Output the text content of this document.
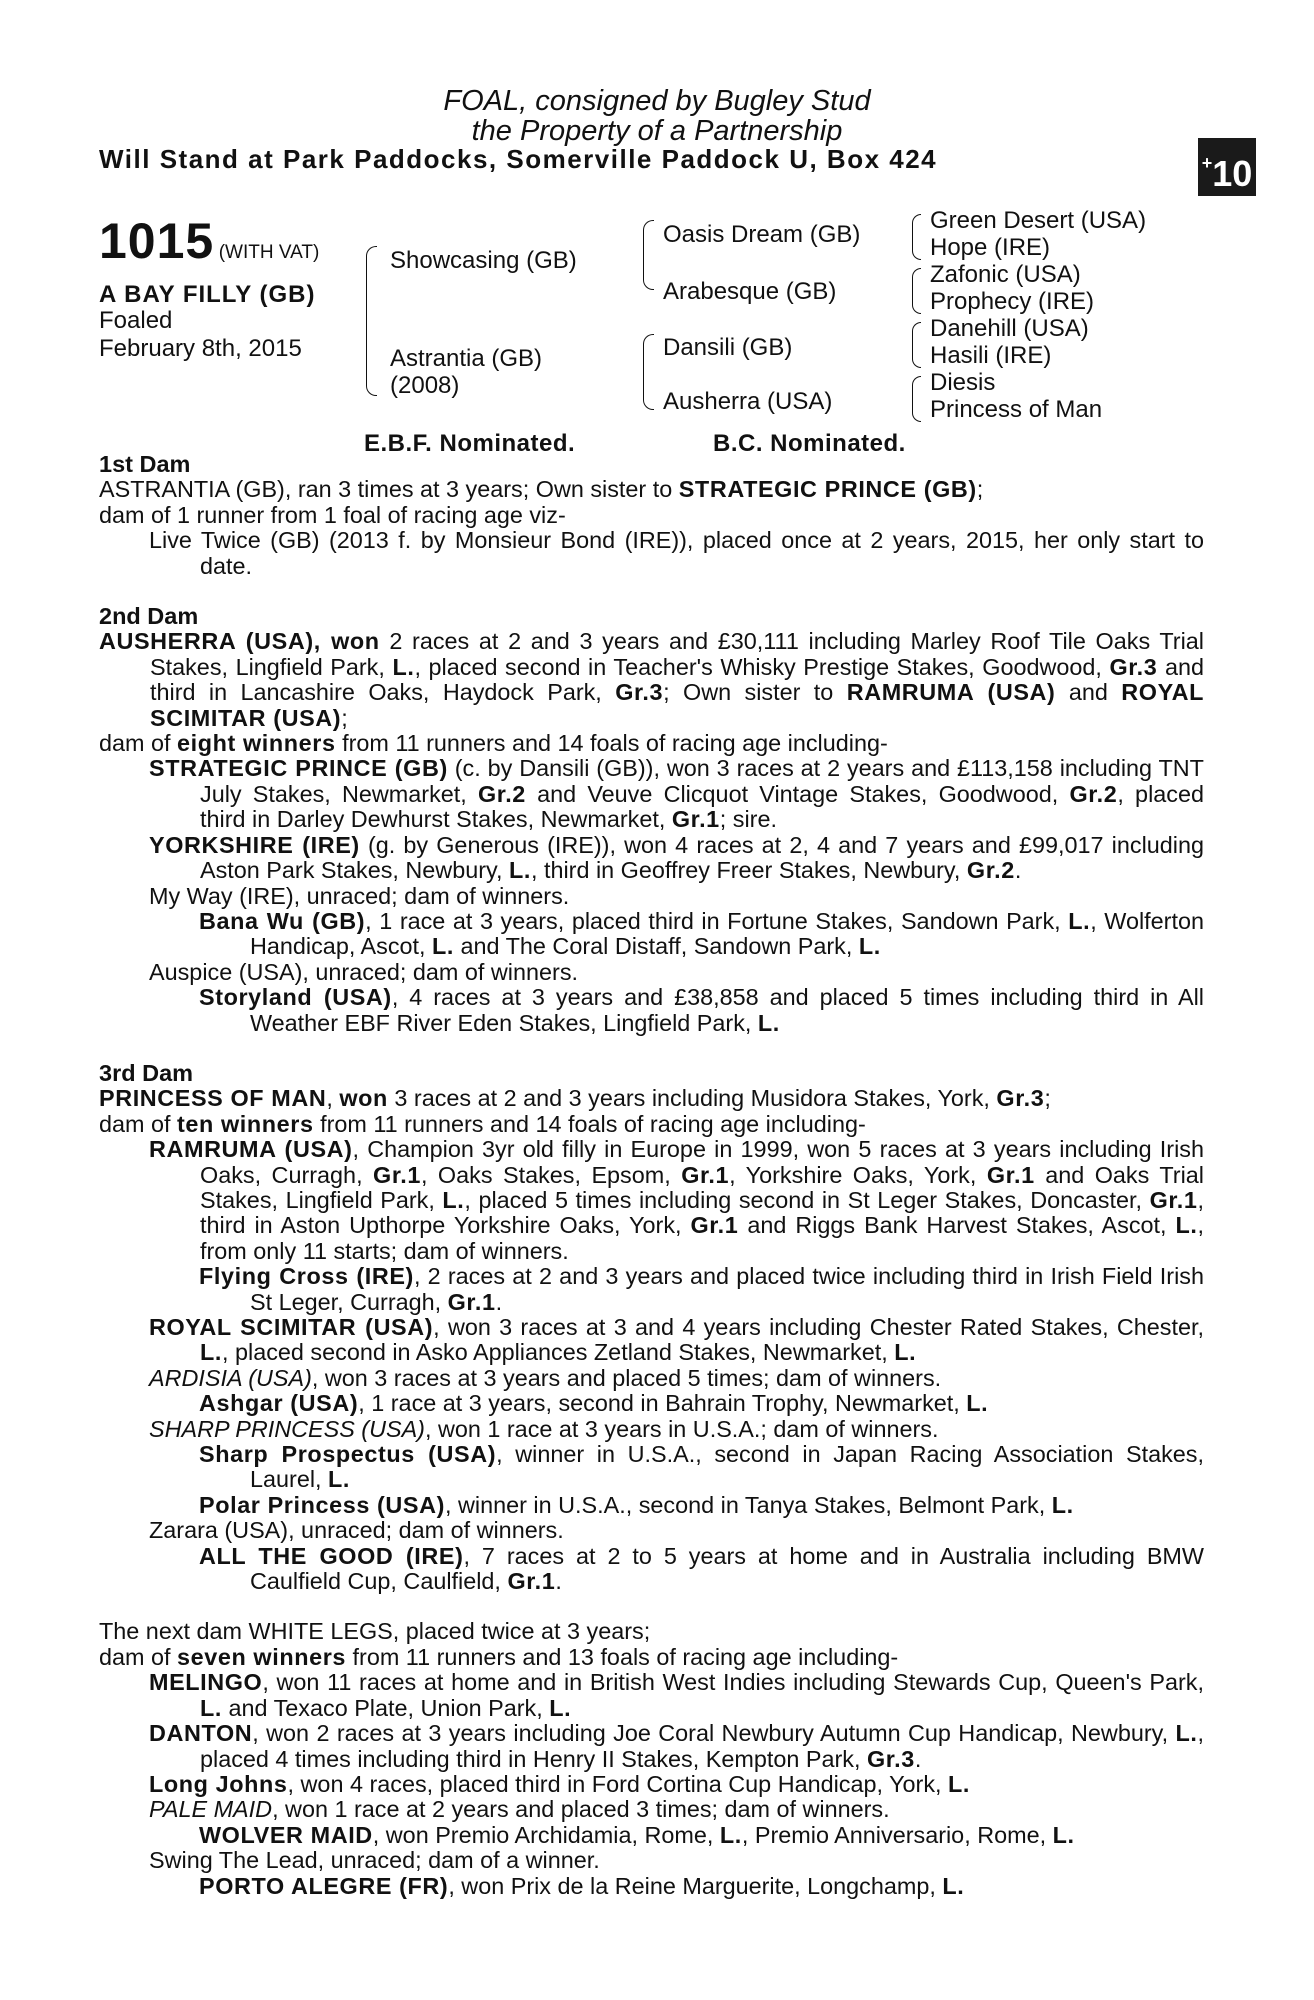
FOAL, consigned by Bugley Stud
the Property of a Partnership
Will Stand at Park Paddocks, Somerville Paddock U, Box 424	+10
1015 (WITH VAT)
A BAY FILLY (GB)
Foaled
February 8th, 2015
Showcasing (GB)
Astrantia (GB)
(2008)
Oasis Dream (GB)
Arabesque (GB)
Dansili (GB)
Ausherra (USA)
Green Desert (USA)
Hope (IRE)
Zafonic (USA)
Prophecy (IRE)
Danehill (USA)
Hasili (IRE)
Diesis
Princess of Man
E.B.F. Nominated.	B.C. Nominated.

1st Dam

ASTRANTIA (GB), ran 3 times at 3 years; Own sister to STRATEGIC PRINCE (GB);

dam of 1 runner from 1 foal of racing age viz-

Live Twice (GB) (2013 f. by Monsieur Bond (IRE)), placed once at 2 years, 2015, her only start to date.

2nd Dam

AUSHERRA (USA), won 2 races at 2 and 3 years and £30,111 including Marley Roof Tile Oaks Trial Stakes, Lingfield Park, L., placed second in Teacher's Whisky Prestige Stakes, Goodwood, Gr.3 and third in Lancashire Oaks, Haydock Park, Gr.3; Own sister to RAMRUMA (USA) and ROYAL SCIMITAR (USA);

dam of eight winners from 11 runners and 14 foals of racing age including-

STRATEGIC PRINCE (GB) (c. by Dansili (GB)), won 3 races at 2 years and £113,158 including TNT July Stakes, Newmarket, Gr.2 and Veuve Clicquot Vintage Stakes, Goodwood, Gr.2, placed third in Darley Dewhurst Stakes, Newmarket, Gr.1; sire.

YORKSHIRE (IRE) (g. by Generous (IRE)), won 4 races at 2, 4 and 7 years and £99,017 including Aston Park Stakes, Newbury, L., third in Geoffrey Freer Stakes, Newbury, Gr.2.

My Way (IRE), unraced; dam of winners.

Bana Wu (GB), 1 race at 3 years, placed third in Fortune Stakes, Sandown Park, L., Wolferton Handicap, Ascot, L. and The Coral Distaff, Sandown Park, L.

Auspice (USA), unraced; dam of winners.

Storyland (USA), 4 races at 3 years and £38,858 and placed 5 times including third in All Weather EBF River Eden Stakes, Lingfield Park, L.

3rd Dam

PRINCESS OF MAN, won 3 races at 2 and 3 years including Musidora Stakes, York, Gr.3;

dam of ten winners from 11 runners and 14 foals of racing age including-

RAMRUMA (USA), Champion 3yr old filly in Europe in 1999, won 5 races at 3 years including Irish Oaks, Curragh, Gr.1, Oaks Stakes, Epsom, Gr.1, Yorkshire Oaks, York, Gr.1 and Oaks Trial Stakes, Lingfield Park, L., placed 5 times including second in St Leger Stakes, Doncaster, Gr.1, third in Aston Upthorpe Yorkshire Oaks, York, Gr.1 and Riggs Bank Harvest Stakes, Ascot, L., from only 11 starts; dam of winners.

Flying Cross (IRE), 2 races at 2 and 3 years and placed twice including third in Irish Field Irish St Leger, Curragh, Gr.1.

ROYAL SCIMITAR (USA), won 3 races at 3 and 4 years including Chester Rated Stakes, Chester, L., placed second in Asko Appliances Zetland Stakes, Newmarket, L.

ARDISIA (USA), won 3 races at 3 years and placed 5 times; dam of winners.

Ashgar (USA), 1 race at 3 years, second in Bahrain Trophy, Newmarket, L.

SHARP PRINCESS (USA), won 1 race at 3 years in U.S.A.; dam of winners.

Sharp Prospectus (USA), winner in U.S.A., second in Japan Racing Association Stakes, Laurel, L.

Polar Princess (USA), winner in U.S.A., second in Tanya Stakes, Belmont Park, L.

Zarara (USA), unraced; dam of winners.

ALL THE GOOD (IRE), 7 races at 2 to 5 years at home and in Australia including BMW Caulfield Cup, Caulfield, Gr.1.

The next dam WHITE LEGS, placed twice at 3 years;

dam of seven winners from 11 runners and 13 foals of racing age including-

MELINGO, won 11 races at home and in British West Indies including Stewards Cup, Queen's Park, L. and Texaco Plate, Union Park, L.

DANTON, won 2 races at 3 years including Joe Coral Newbury Autumn Cup Handicap, Newbury, L., placed 4 times including third in Henry II Stakes, Kempton Park, Gr.3.

Long Johns, won 4 races, placed third in Ford Cortina Cup Handicap, York, L.

PALE MAID, won 1 race at 2 years and placed 3 times; dam of winners.

WOLVER MAID, won Premio Archidamia, Rome, L., Premio Anniversario, Rome, L.

Swing The Lead, unraced; dam of a winner.

PORTO ALEGRE (FR), won Prix de la Reine Marguerite, Longchamp, L.
